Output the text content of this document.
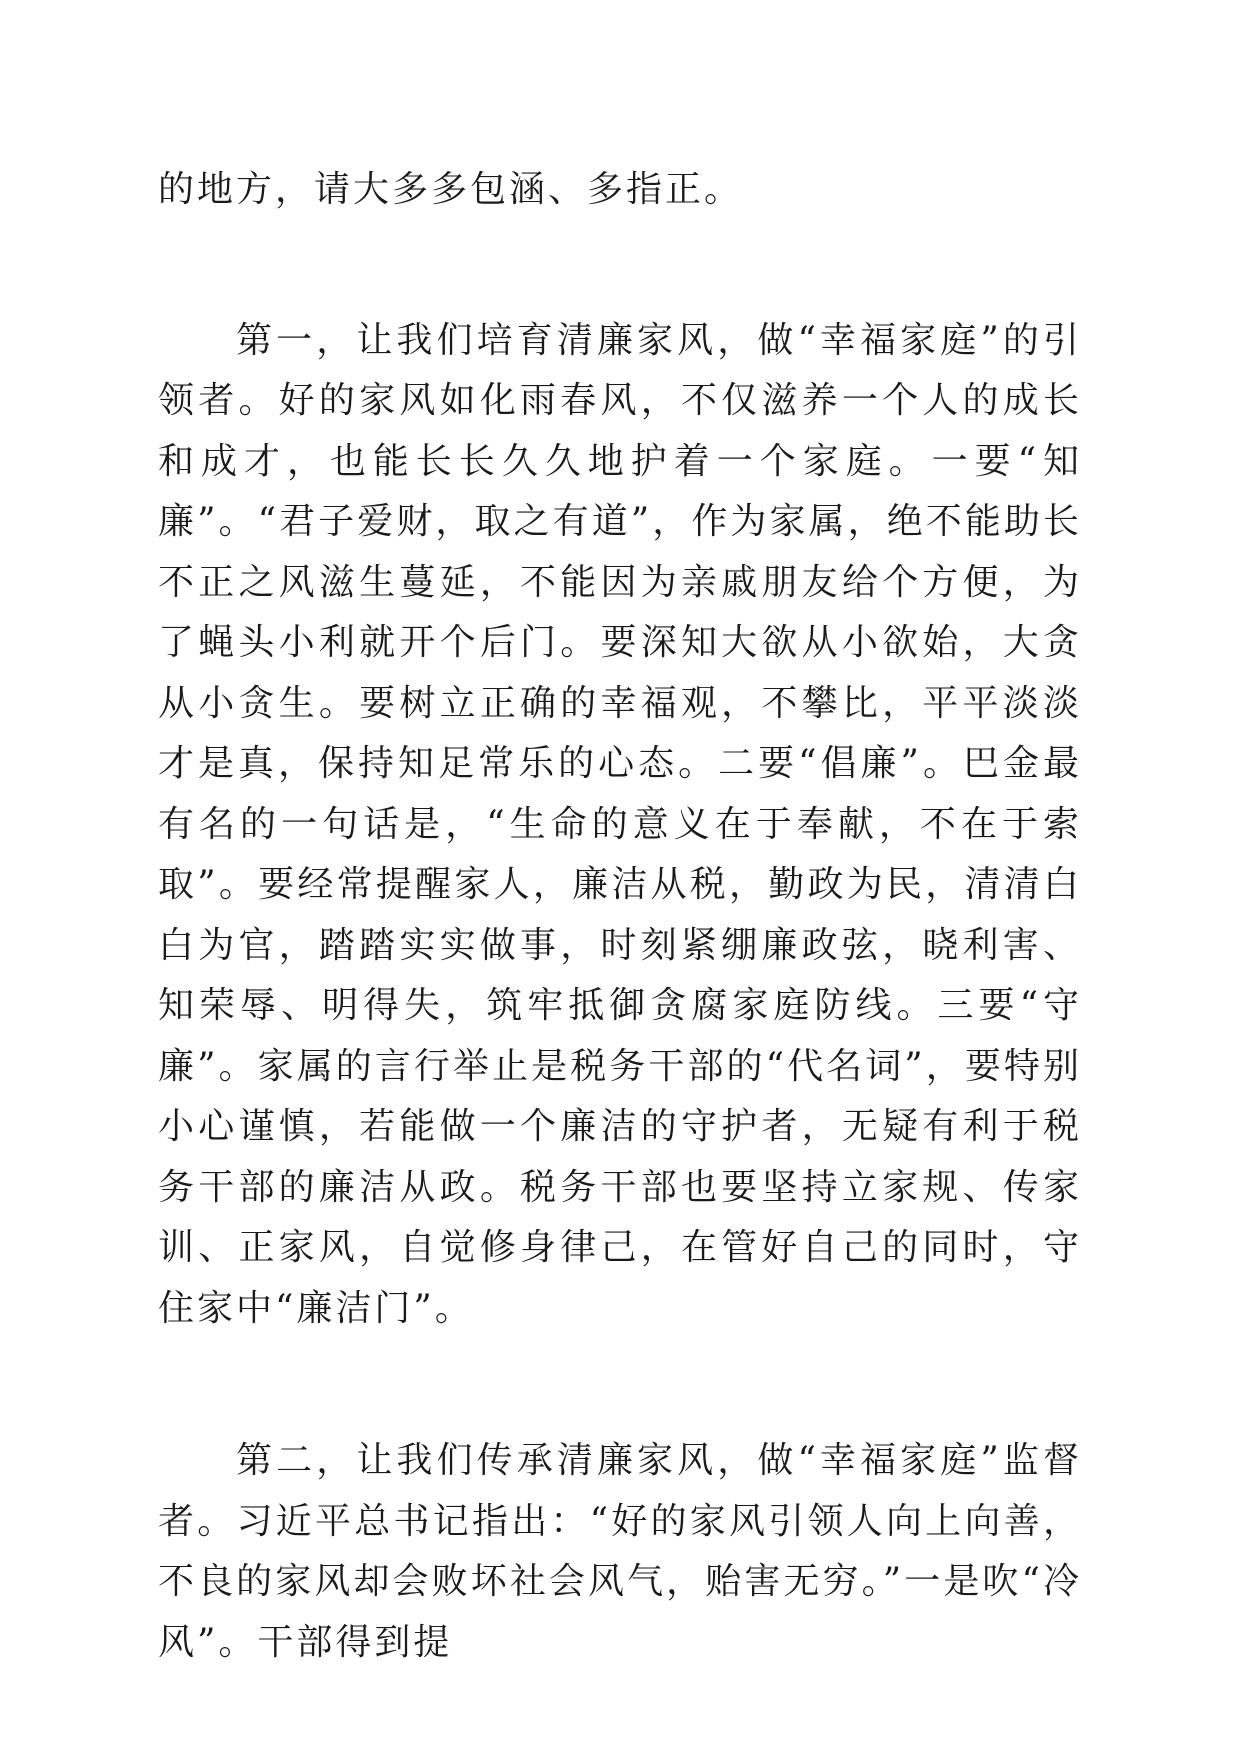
的地方，请大多多包涵、多指正。

第一，让我们培育清廉家风，做“幸福家庭”的引领者。好的家风如化雨春风，不仅滋养一个人的成长和成才，也能长长久久地护着一个家庭。一要“知廉”。“君子爱财，取之有道”，作为家属，绝不能助长不正之风滋生蔓延，不能因为亲戚朋友给个方便，为了蝇头小利就开个后门。要深知大欲从小欲始，大贪从小贪生。要树立正确的幸福观，不攀比，平平淡淡才是真，保持知足常乐的心态。二要“倡廉”。巴金最有名的一句话是，“生命的意义在于奉献，不在于索取”。要经常提醒家人，廉洁从税，勤政为民，清清白白为官，踏踏实实做事，时刻紧绷廉政弦，晓利害、知荣辱、明得失，筑牢抵御贪腐家庭防线。三要“守廉”。家属的言行举止是税务干部的“代名词”，要特别小心谨慎，若能做一个廉洁的守护者，无疑有利于税务干部的廉洁从政。税务干部也要坚持立家规、传家训、正家风，自觉修身律己，在管好自己的同时，守住家中“廉洁门”。

第二，让我们传承清廉家风，做“幸福家庭”监督者。习近平总书记指出：“好的家风引领人向上向善，不良的家风却会败坏社会风气，贻害无穷。”一是吹“冷风”。干部得到提
